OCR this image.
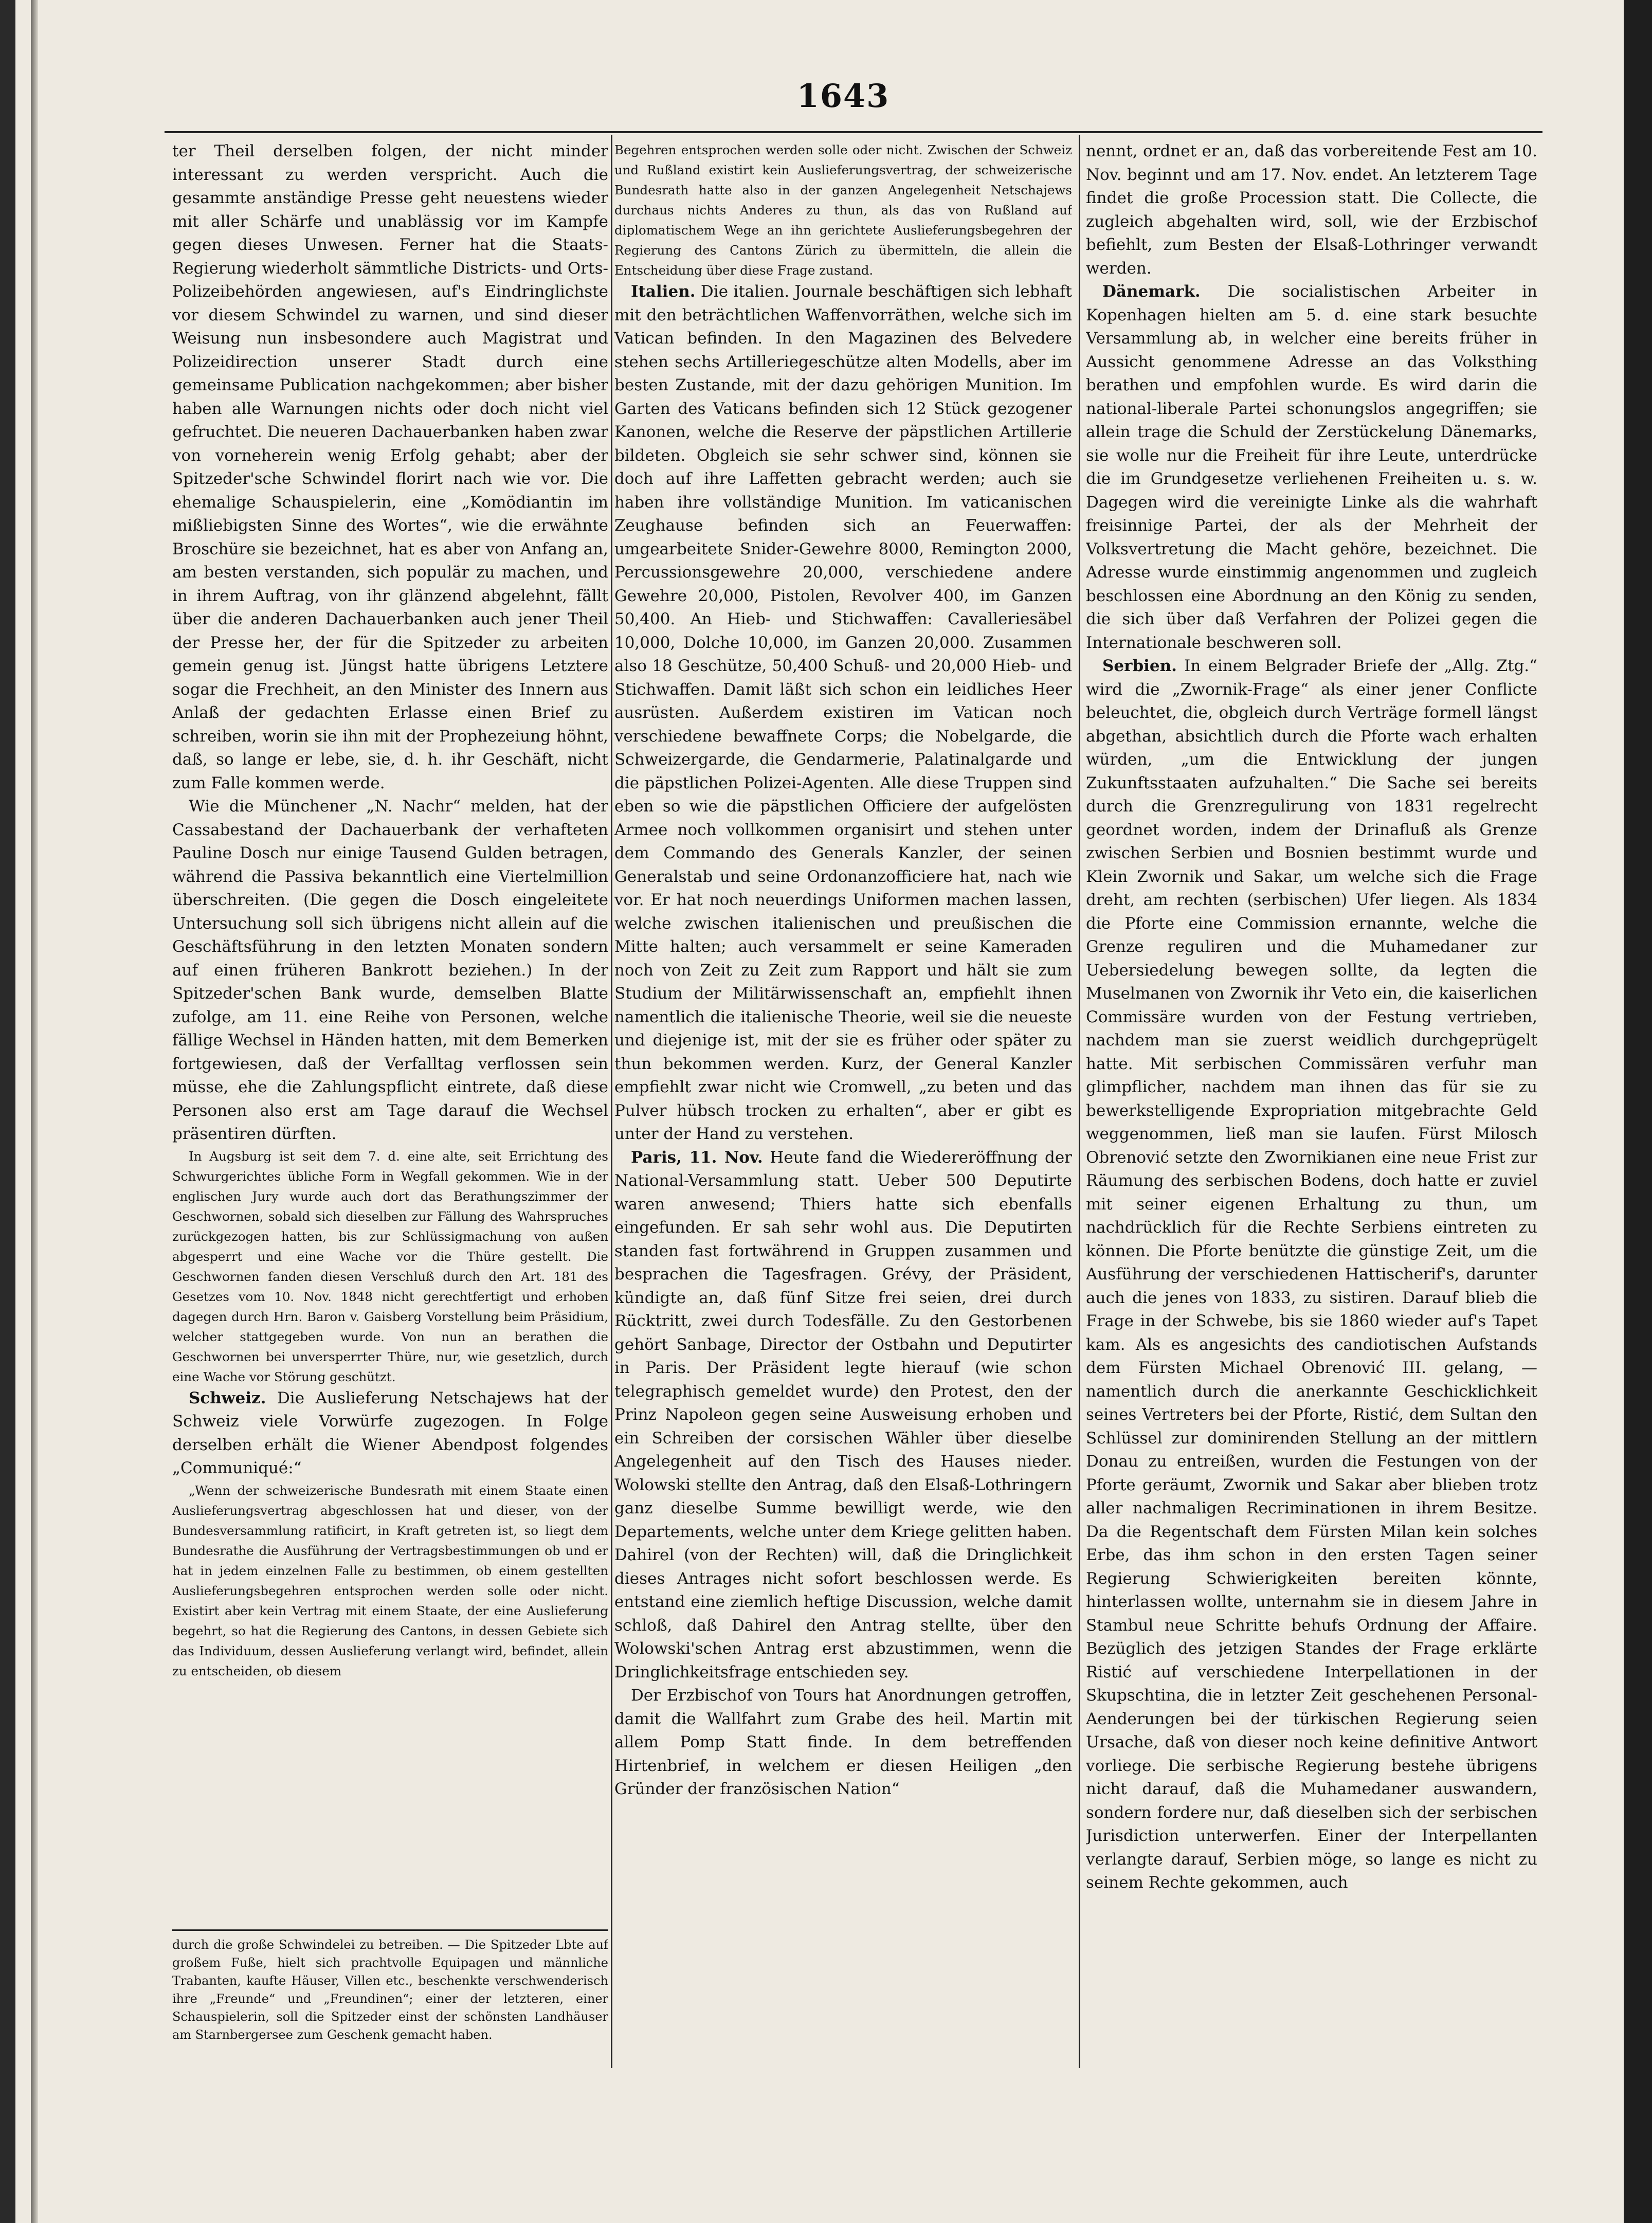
1643

ter Theil derselben folgen, der nicht minder interessant zu werden verspricht. Auch die gesammte anständige Presse geht neuestens wieder mit aller Schärfe und unablässig vor im Kampfe gegen dieses Unwesen. Ferner hat die Staats-Regierung wiederholt sämmtliche Districts- und Orts-Polizeibehörden angewiesen, auf's Eindringlichste vor diesem Schwindel zu warnen, und sind dieser Weisung nun insbesondere auch Magistrat und Polizeidirection unserer Stadt durch eine gemeinsame Publication nachgekommen; aber bisher haben alle Warnungen nichts oder doch nicht viel gefruchtet. Die neueren Dachauerbanken haben zwar von vorneherein wenig Erfolg gehabt; aber der Spitzeder'sche Schwindel florirt nach wie vor. Die ehemalige Schauspielerin, eine „Komödiantin im mißliebigsten Sinne des Wortes“, wie die erwähnte Broschüre sie bezeichnet, hat es aber von Anfang an, am besten verstanden, sich populär zu machen, und in ihrem Auftrag, von ihr glänzend abgelehnt, fällt über die anderen Dachauerbanken auch jener Theil der Presse her, der für die Spitzeder zu arbeiten gemein genug ist. Jüngst hatte übrigens Letztere sogar die Frechheit, an den Minister des Innern aus Anlaß der gedachten Erlasse einen Brief zu schreiben, worin sie ihn mit der Prophezeiung höhnt, daß, so lange er lebe, sie, d. h. ihr Geschäft, nicht zum Falle kommen werde.

Wie die Münchener „N. Nachr“ melden, hat der Cassabestand der Dachauerbank der verhafteten Pauline Dosch nur einige Tausend Gulden betragen, während die Passiva bekanntlich eine Viertelmillion überschreiten. (Die gegen die Dosch eingeleitete Untersuchung soll sich übrigens nicht allein auf die Geschäftsführung in den letzten Monaten sondern auf einen früheren Bankrott beziehen.) In der Spitzeder'schen Bank wurde, demselben Blatte zufolge, am 11. eine Reihe von Personen, welche fällige Wechsel in Händen hatten, mit dem Bemerken fortgewiesen, daß der Verfalltag verflossen sein müsse, ehe die Zahlungspflicht eintrete, daß diese Personen also erst am Tage darauf die Wechsel präsentiren dürften.

In Augsburg ist seit dem 7. d. eine alte, seit Errichtung des Schwurgerichtes übliche Form in Wegfall gekommen. Wie in der englischen Jury wurde auch dort das Berathungszimmer der Geschwornen, sobald sich dieselben zur Fällung des Wahrspruches zurückgezogen hatten, bis zur Schlüssigmachung von außen abgesperrt und eine Wache vor die Thüre gestellt. Die Geschwornen fanden diesen Verschluß durch den Art. 181 des Gesetzes vom 10. Nov. 1848 nicht gerechtfertigt und erhoben dagegen durch Hrn. Baron v. Gaisberg Vorstellung beim Präsidium, welcher stattgegeben wurde. Von nun an berathen die Geschwornen bei unversperrter Thüre, nur, wie gesetzlich, durch eine Wache vor Störung geschützt.

Schweiz. Die Auslieferung Netschajews hat der Schweiz viele Vorwürfe zugezogen. In Folge derselben erhält die Wiener Abendpost folgendes „Communiqué:“

„Wenn der schweizerische Bundesrath mit einem Staate einen Auslieferungsvertrag abgeschlossen hat und dieser, von der Bundesversammlung ratificirt, in Kraft getreten ist, so liegt dem Bundesrathe die Ausführung der Vertragsbestimmungen ob und er hat in jedem einzelnen Falle zu bestimmen, ob einem gestellten Auslieferungsbegehren entsprochen werden solle oder nicht. Existirt aber kein Vertrag mit einem Staate, der eine Auslieferung begehrt, so hat die Regierung des Cantons, in dessen Gebiete sich das Individuum, dessen Auslieferung verlangt wird, befindet, allein zu entscheiden, ob diesem

durch die große Schwindelei zu betreiben. — Die Spitzeder Lbte auf großem Fuße, hielt sich prachtvolle Equipagen und männliche Trabanten, kaufte Häuser, Villen etc., beschenkte verschwenderisch ihre „Freunde“ und „Freundinen“; einer der letzteren, einer Schauspielerin, soll die Spitzeder einst der schönsten Landhäuser am Starnbergersee zum Geschenk gemacht haben.

Begehren entsprochen werden solle oder nicht. Zwischen der Schweiz und Rußland existirt kein Auslieferungsvertrag, der schweizerische Bundesrath hatte also in der ganzen Angelegenheit Netschajews durchaus nichts Anderes zu thun, als das von Rußland auf diplomatischem Wege an ihn gerichtete Auslieferungsbegehren der Regierung des Cantons Zürich zu übermitteln, die allein die Entscheidung über diese Frage zustand.

Italien. Die italien. Journale beschäftigen sich lebhaft mit den beträchtlichen Waffenvorräthen, welche sich im Vatican befinden. In den Magazinen des Belvedere stehen sechs Artilleriegeschütze alten Modells, aber im besten Zustande, mit der dazu gehörigen Munition. Im Garten des Vaticans befinden sich 12 Stück gezogener Kanonen, welche die Reserve der päpstlichen Artillerie bildeten. Obgleich sie sehr schwer sind, können sie doch auf ihre Laffetten gebracht werden; auch sie haben ihre vollständige Munition. Im vaticanischen Zeughause befinden sich an Feuerwaffen: umgearbeitete Snider-Gewehre 8000, Remington 2000, Percussionsgewehre 20,000, verschiedene andere Gewehre 20,000, Pistolen, Revolver 400, im Ganzen 50,400. An Hieb- und Stichwaffen: Cavalleriesäbel 10,000, Dolche 10,000, im Ganzen 20,000. Zusammen also 18 Geschütze, 50,400 Schuß- und 20,000 Hieb- und Stichwaffen. Damit läßt sich schon ein leidliches Heer ausrüsten. Außerdem existiren im Vatican noch verschiedene bewaffnete Corps; die Nobelgarde, die Schweizergarde, die Gendarmerie, Palatinalgarde und die päpstlichen Polizei-Agenten. Alle diese Truppen sind eben so wie die päpstlichen Officiere der aufgelösten Armee noch vollkommen organisirt und stehen unter dem Commando des Generals Kanzler, der seinen Generalstab und seine Ordonanzofficiere hat, nach wie vor. Er hat noch neuerdings Uniformen machen lassen, welche zwischen italienischen und preußischen die Mitte halten; auch versammelt er seine Kameraden noch von Zeit zu Zeit zum Rapport und hält sie zum Studium der Militärwissenschaft an, empfiehlt ihnen namentlich die italienische Theorie, weil sie die neueste und diejenige ist, mit der sie es früher oder später zu thun bekommen werden. Kurz, der General Kanzler empfiehlt zwar nicht wie Cromwell, „zu beten und das Pulver hübsch trocken zu erhalten“, aber er gibt es unter der Hand zu verstehen.

Paris, 11. Nov. Heute fand die Wiedereröffnung der National-Versammlung statt. Ueber 500 Deputirte waren anwesend; Thiers hatte sich ebenfalls eingefunden. Er sah sehr wohl aus. Die Deputirten standen fast fortwährend in Gruppen zusammen und besprachen die Tagesfragen. Grévy, der Präsident, kündigte an, daß fünf Sitze frei seien, drei durch Rücktritt, zwei durch Todesfälle. Zu den Gestorbenen gehört Sanbage, Director der Ostbahn und Deputirter in Paris. Der Präsident legte hierauf (wie schon telegraphisch gemeldet wurde) den Protest, den der Prinz Napoleon gegen seine Ausweisung erhoben und ein Schreiben der corsischen Wähler über dieselbe Angelegenheit auf den Tisch des Hauses nieder. Wolowski stellte den Antrag, daß den Elsaß-Lothringern ganz dieselbe Summe bewilligt werde, wie den Departements, welche unter dem Kriege gelitten haben. Dahirel (von der Rechten) will, daß die Dringlichkeit dieses Antrages nicht sofort beschlossen werde. Es entstand eine ziemlich heftige Discussion, welche damit schloß, daß Dahirel den Antrag stellte, über den Wolowski'schen Antrag erst abzustimmen, wenn die Dringlichkeitsfrage entschieden sey.

Der Erzbischof von Tours hat Anordnungen getroffen, damit die Wallfahrt zum Grabe des heil. Martin mit allem Pomp Statt finde. In dem betreffenden Hirtenbrief, in welchem er diesen Heiligen „den Gründer der französischen Nation“

nennt, ordnet er an, daß das vorbereitende Fest am 10. Nov. beginnt und am 17. Nov. endet. An letzterem Tage findet die große Procession statt. Die Collecte, die zugleich abgehalten wird, soll, wie der Erzbischof befiehlt, zum Besten der Elsaß-Lothringer verwandt werden.

Dänemark. Die socialistischen Arbeiter in Kopenhagen hielten am 5. d. eine stark besuchte Versammlung ab, in welcher eine bereits früher in Aussicht genommene Adresse an das Volksthing berathen und empfohlen wurde. Es wird darin die national-liberale Partei schonungslos angegriffen; sie allein trage die Schuld der Zerstückelung Dänemarks, sie wolle nur die Freiheit für ihre Leute, unterdrücke die im Grundgesetze verliehenen Freiheiten u. s. w. Dagegen wird die vereinigte Linke als die wahrhaft freisinnige Partei, der als der Mehrheit der Volksvertretung die Macht gehöre, bezeichnet. Die Adresse wurde einstimmig angenommen und zugleich beschlossen eine Abordnung an den König zu senden, die sich über daß Verfahren der Polizei gegen die Internationale beschweren soll.

Serbien. In einem Belgrader Briefe der „Allg. Ztg.“ wird die „Zwornik-Frage“ als einer jener Conflicte beleuchtet, die, obgleich durch Verträge formell längst abgethan, absichtlich durch die Pforte wach erhalten würden, „um die Entwicklung der jungen Zukunftsstaaten aufzuhalten.“ Die Sache sei bereits durch die Grenzregulirung von 1831 regelrecht geordnet worden, indem der Drinafluß als Grenze zwischen Serbien und Bosnien bestimmt wurde und Klein Zwornik und Sakar, um welche sich die Frage dreht, am rechten (serbischen) Ufer liegen. Als 1834 die Pforte eine Commission ernannte, welche die Grenze reguliren und die Muhamedaner zur Uebersiedelung bewegen sollte, da legten die Muselmanen von Zwornik ihr Veto ein, die kaiserlichen Commissäre wurden von der Festung vertrieben, nachdem man sie zuerst weidlich durchgeprügelt hatte. Mit serbischen Commissären verfuhr man glimpflicher, nachdem man ihnen das für sie zu bewerkstelligende Expropriation mitgebrachte Geld weggenommen, ließ man sie laufen. Fürst Milosch Obrenović setzte den Zwornikianen eine neue Frist zur Räumung des serbischen Bodens, doch hatte er zuviel mit seiner eigenen Erhaltung zu thun, um nachdrücklich für die Rechte Serbiens eintreten zu können. Die Pforte benützte die günstige Zeit, um die Ausführung der verschiedenen Hattischerif's, darunter auch die jenes von 1833, zu sistiren. Darauf blieb die Frage in der Schwebe, bis sie 1860 wieder auf's Tapet kam. Als es angesichts des candiotischen Aufstands dem Fürsten Michael Obrenović III. gelang, — namentlich durch die anerkannte Geschicklichkeit seines Vertreters bei der Pforte, Ristić, dem Sultan den Schlüssel zur dominirenden Stellung an der mittlern Donau zu entreißen, wurden die Festungen von der Pforte geräumt, Zwornik und Sakar aber blieben trotz aller nachmaligen Recriminationen in ihrem Besitze. Da die Regentschaft dem Fürsten Milan kein solches Erbe, das ihm schon in den ersten Tagen seiner Regierung Schwierigkeiten bereiten könnte, hinterlassen wollte, unternahm sie in diesem Jahre in Stambul neue Schritte behufs Ordnung der Affaire. Bezüglich des jetzigen Standes der Frage erklärte Ristić auf verschiedene Interpellationen in der Skupschtina, die in letzter Zeit geschehenen Personal-Aenderungen bei der türkischen Regierung seien Ursache, daß von dieser noch keine definitive Antwort vorliege. Die serbische Regierung bestehe übrigens nicht darauf, daß die Muhamedaner auswandern, sondern fordere nur, daß dieselben sich der serbischen Jurisdiction unterwerfen. Einer der Interpellanten verlangte darauf, Serbien möge, so lange es nicht zu seinem Rechte gekommen, auch
